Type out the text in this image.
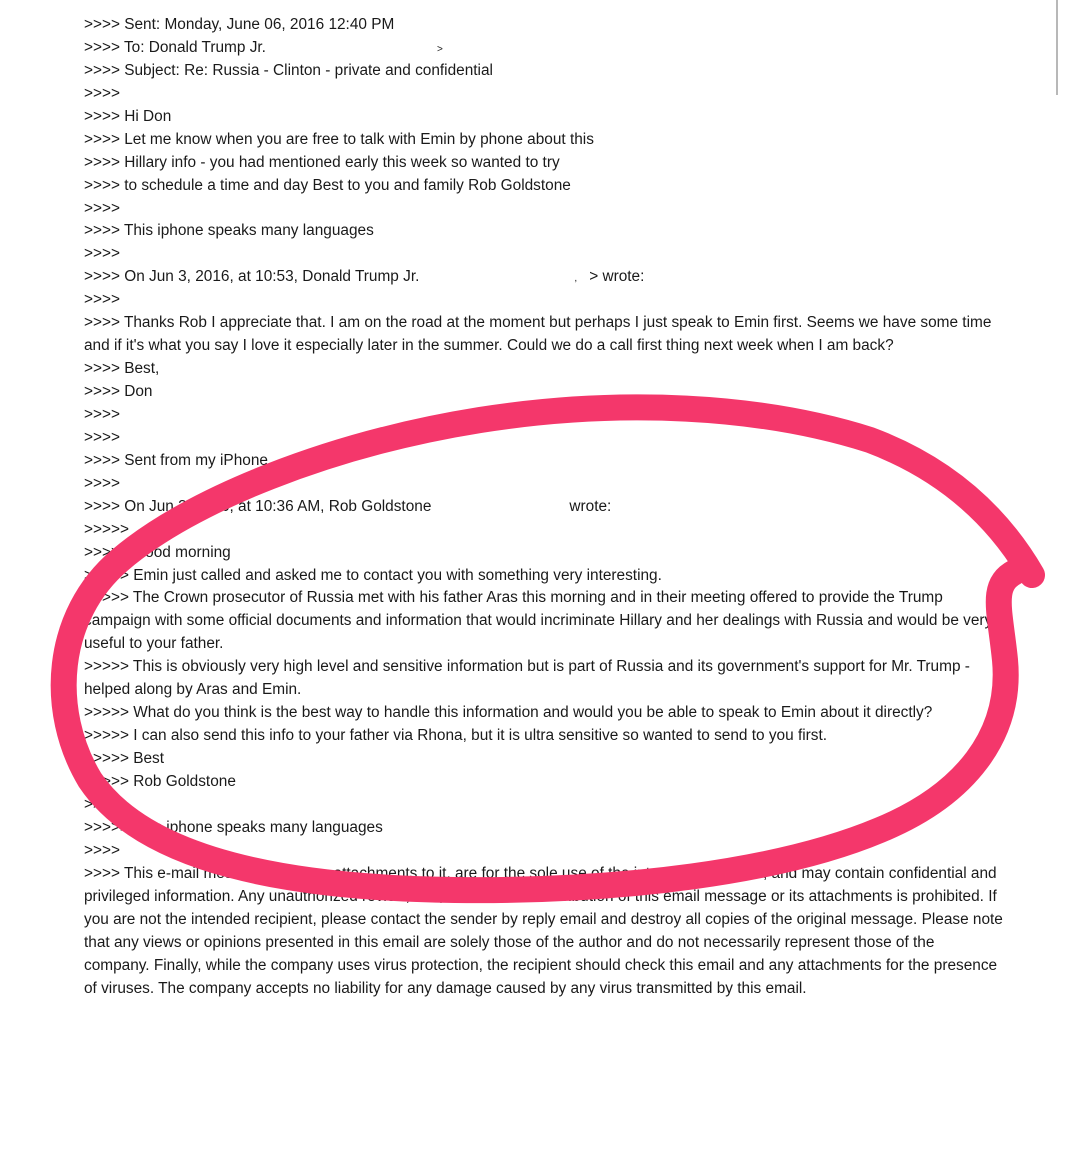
>>>> Sent: Monday, June 06, 2016 12:40 PM
>>>> To: Donald Trump Jr.	>
>>>> Subject: Re: Russia - Clinton - private and confidential
>>>>
>>>> Hi Don
>>>> Let me know when you are free to talk with Emin by phone about this
>>>> Hillary info - you had mentioned early this week so wanted to try
>>>> to schedule a time and day Best to you and family Rob Goldstone
>>>>
>>>> This iphone speaks many languages
>>>>
>>>> On Jun 3, 2016, at 10:53, Donald Trump Jr.	, > wrote:
>>>>
>>>> Thanks Rob I appreciate that. I am on the road at the moment but perhaps I just speak to Emin first. Seems we have some time and if it's what you say I love it especially later in the summer. Could we do a call first thing next week when I am back?
>>>> Best,
>>>> Don
>>>>
>>>>
>>>> Sent from my iPhone
>>>>
>>>> On Jun 3, 2016, at 10:36 AM, Rob Goldstone	wrote:
>>>>>
>>>>> Good morning
>>>>> Emin just called and asked me to contact you with something very interesting.
>>>>> The Crown prosecutor of Russia met with his father Aras this morning and in their meeting offered to provide the Trump campaign with some official documents and information that would incriminate Hillary and her dealings with Russia and would be very useful to your father.
>>>>> This is obviously very high level and sensitive information but is part of Russia and its government's support for Mr. Trump - helped along by Aras and Emin.
>>>>> What do you think is the best way to handle this information and would you be able to speak to Emin about it directly?
>>>>> I can also send this info to your father via Rhona, but it is ultra sensitive so wanted to send to you first.
>>>>> Best
>>>>> Rob Goldstone
>>>>>
>>>>> This iphone speaks many languages
>>>>
>>>> This e-mail message, and any attachments to it, are for the sole use of the intended recipients, and may contain confidential and privileged information. Any unauthorized review, use, disclosure or distribution of this email message or its attachments is prohibited. If you are not the intended recipient, please contact the sender by reply email and destroy all copies of the original message. Please note that any views or opinions presented in this email are solely those of the author and do not necessarily represent those of the company. Finally, while the company uses virus protection, the recipient should check this email and any attachments for the presence of viruses. The company accepts no liability for any damage caused by any virus transmitted by this email.
